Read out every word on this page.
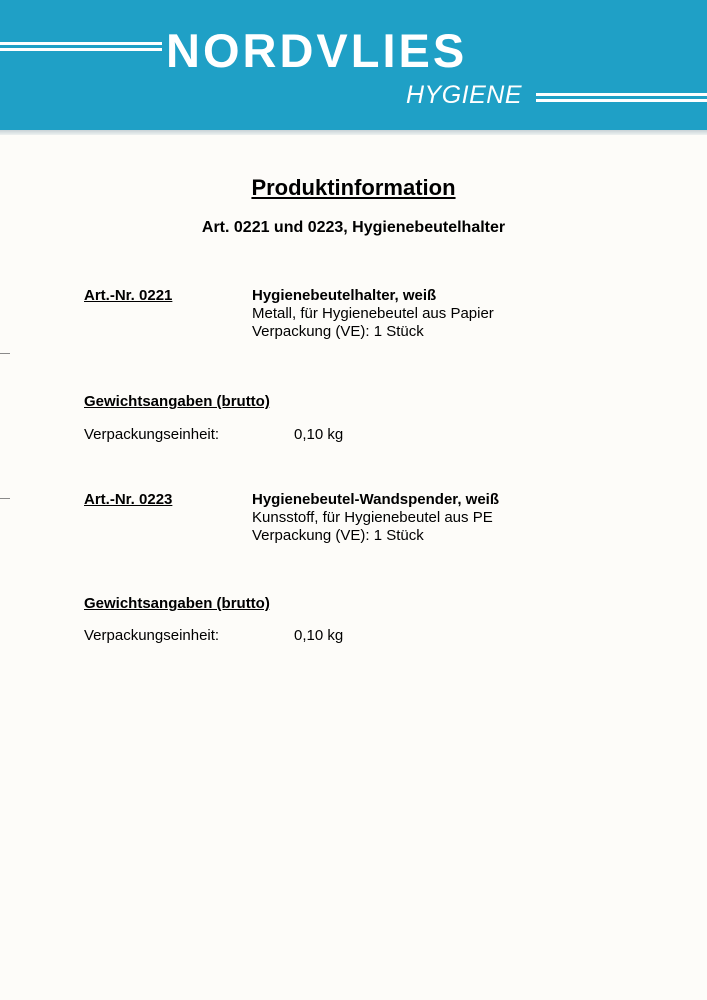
NORDVLIES
HYGIENE
Produktinformation
Art. 0221 und 0223, Hygienebeutelhalter
Art.-Nr. 0221	Hygienebeutelhalter, weiß
Metall, für Hygienebeutel aus Papier
Verpackung (VE): 1 Stück
Gewichtsangaben (brutto)
Verpackungseinheit:	0,10 kg
Art.-Nr. 0223	Hygienebeutel-Wandspender, weiß
Kunsstoff, für Hygienebeutel aus PE
Verpackung (VE): 1 Stück
Gewichtsangaben (brutto)
Verpackungseinheit:	0,10 kg
